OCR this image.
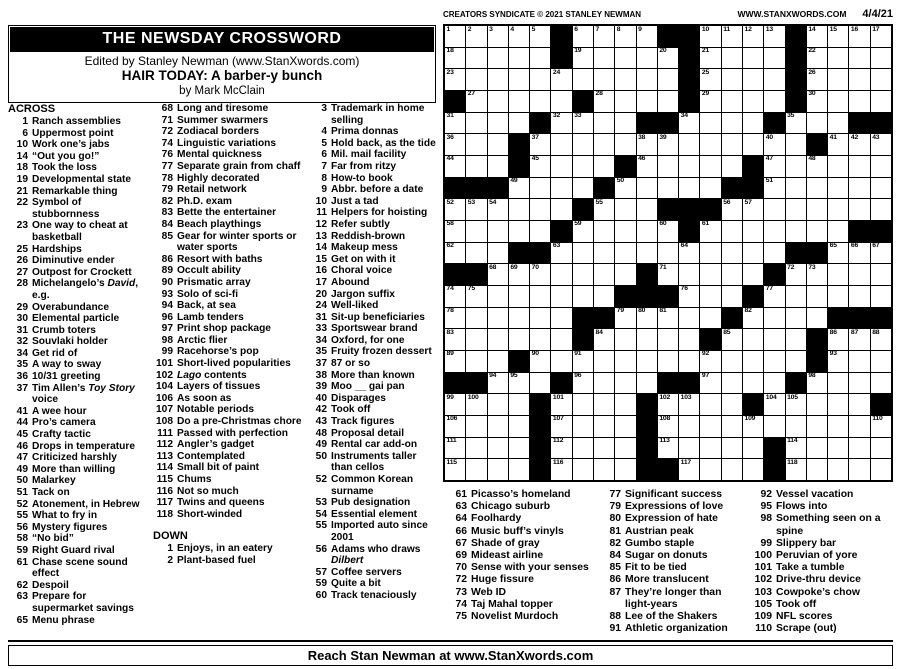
THE NEWSDAY CROSSWORD
Edited by Stanley Newman (www.StanXwords.com)
HAIR TODAY: A barber-y bunch
by Mark McClain
ACROSS
1 Ranch assemblies
6 Uppermost point
10 Work one’s jabs
14 “Out you go!”
18 Took the loss
19 Developmental state
21 Remarkable thing
22 Symbol of stubbornness
23 One way to cheat at basketball
25 Hardships
26 Diminutive ender
27 Outpost for Crockett
28 Michelangelo’s David, e.g.
29 Overabundance
30 Elemental particle
31 Crumb toters
32 Souvlaki holder
34 Get rid of
35 A way to sway
36 10/31 greeting
37 Tim Allen’s Toy Story voice
41 A wee hour
44 Pro’s camera
45 Crafty tactic
46 Drops in temperature
47 Criticized harshly
49 More than willing
50 Malarkey
51 Tack on
52 Atonement, in Hebrew
55 What to fry in
56 Mystery figures
58 “No bid”
59 Right Guard rival
61 Chase scene sound effect
62 Despoil
63 Prepare for supermarket savings
65 Menu phrase
68 Long and tiresome
71 Summer swarmers
72 Zodiacal borders
74 Linguistic variations
76 Mental quickness
77 Separate grain from chaff
78 Highly decorated
79 Retail network
82 Ph.D. exam
83 Bette the entertainer
84 Beach playthings
85 Gear for winter sports or water sports
86 Resort with baths
89 Occult ability
90 Prismatic array
93 Solo of sci-fi
94 Back, at sea
96 Lamb tenders
97 Print shop package
98 Arctic flier
99 Racehorse’s pop
101 Short-lived popularities
102 Lago contents
104 Layers of tissues
106 As soon as
107 Notable periods
108 Do a pre-Christmas chore
111 Passed with perfection
112 Angler’s gadget
113 Contemplated
114 Small bit of paint
115 Chums
116 Not so much
117 Twins and queens
118 Short-winded
DOWN
1 Enjoys, in an eatery
2 Plant-based fuel
3 Trademark in home selling
4 Prima donnas
5 Hold back, as the tide
6 Mil. mail facility
7 Far from ritzy
8 How-to book
9 Abbr. before a date
10 Just a tad
11 Helpers for hoisting
12 Refer subtly
13 Reddish-brown
14 Makeup mess
15 Get on with it
16 Choral voice
17 Abound
20 Jargon suffix
24 Well-liked
31 Sit-up beneficiaries
33 Sportswear brand
34 Oxford, for one
35 Fruity frozen dessert
37 87 or so
38 More than known
39 Moo __ gai pan
40 Disparages
42 Took off
43 Track figures
48 Proposal detail
49 Rental car add-on
50 Instruments taller than cellos
52 Common Korean surname
53 Pub designation
54 Essential element
55 Imported auto since 2001
56 Adams who draws Dilbert
57 Coffee servers
59 Quite a bit
60 Track tenaciously
CREATORS SYNDICATE © 2021 STANLEY NEWMAN	WWW.STANXWORDS.COM 4/4/21
1	2	3	4	5	6	7	8	9	10 11 12 13	14 15 16 17
18	19	20	21	22
23	24	25	26
27	28	29	30
31	32 33	34	35
36	37	38 39	40	41 42 43
44	45	46	47	48
49	50	51
52 53 54	55	56 57
58	59	60	61
62	63	64	65 66 67
68 69 70	71	72 73
74 75	76	77
78	79 80 81	82
83	84	85	86 87 88
89	90	91	92	93
94 95	96	97	98
99 100	101	102 103	104 105
106	107	108	109	110
111	112	113	114
115	116	117	118
61 Picasso’s homeland
63 Chicago suburb
64 Foolhardy
66 Music buff’s vinyls
67 Shade of gray
69 Mideast airline
70 Sense with your senses
72 Huge fissure
73 Web ID
74 Taj Mahal topper
75 Novelist Murdoch
77 Significant success
79 Expressions of love
80 Expression of hate
81 Austrian peak
82 Gumbo staple
84 Sugar on donuts
85 Fit to be tied
86 More translucent
87 They’re longer than light-years
88 Lee of the Shakers
91 Athletic organization
92 Vessel vacation
95 Flows into
98 Something seen on a spine
99 Slippery bar
100 Peruvian of yore
101 Take a tumble
102 Drive-thru device
103 Cowpoke’s chow
105 Took off
109 NFL scores
110 Scrape (out)
Reach Stan Newman at www.StanXwords.com
